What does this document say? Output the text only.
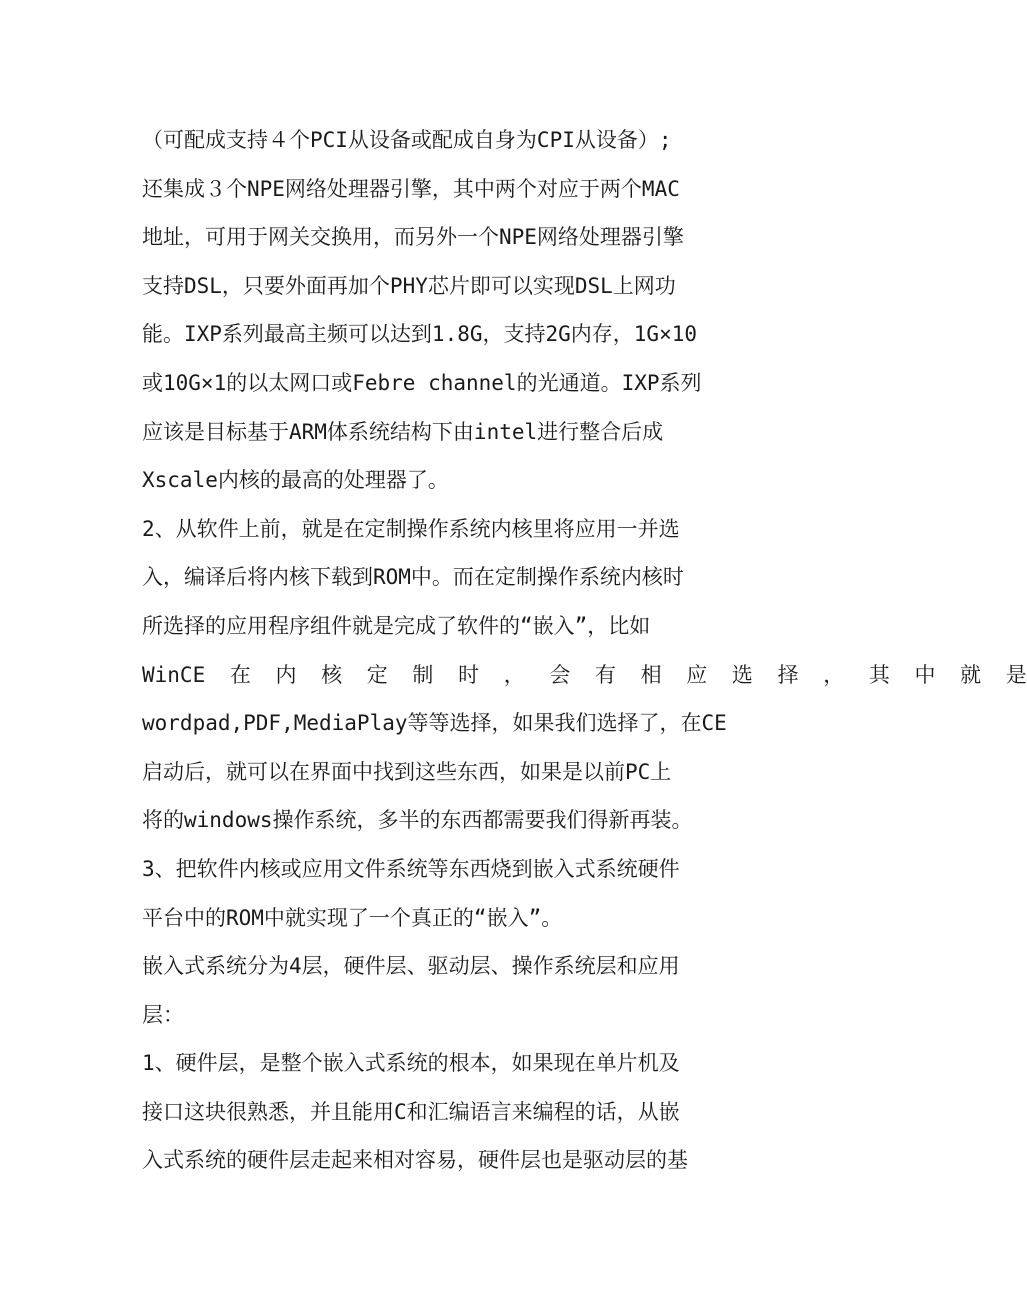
（可配成支持４个PCI从设备或配成自身为CPI从设备）;
还集成３个NPE网络处理器引擎，其中两个对应于两个MAC
地址，可用于网关交换用，而另外一个NPE网络处理器引擎
支持DSL，只要外面再加个PHY芯片即可以实现DSL上网功
能。IXP系列最高主频可以达到1.8G，支持2G内存，1G×10
或10G×1的以太网口或Febre channel的光通道。IXP系列
应该是目标基于ARM体系统结构下由intel进行整合后成
Xscale内核的最高的处理器了。
2、从软件上前，就是在定制操作系统内核里将应用一并选
入，编译后将内核下载到ROM中。而在定制操作系统内核时
所选择的应用程序组件就是完成了软件的“嵌入”，比如
WinCE 在 内 核 定 制 时 ， 会 有 相 应 选 择 ， 其 中 就 是
wordpad,PDF,MediaPlay等等选择，如果我们选择了，在CE
启动后，就可以在界面中找到这些东西，如果是以前PC上
将的windows操作系统，多半的东西都需要我们得新再装。
3、把软件内核或应用文件系统等东西烧到嵌入式系统硬件
平台中的ROM中就实现了一个真正的“嵌入”。
嵌入式系统分为4层，硬件层、驱动层、操作系统层和应用
层：
1、硬件层，是整个嵌入式系统的根本，如果现在单片机及
接口这块很熟悉，并且能用C和汇编语言来编程的话，从嵌
入式系统的硬件层走起来相对容易，硬件层也是驱动层的基
